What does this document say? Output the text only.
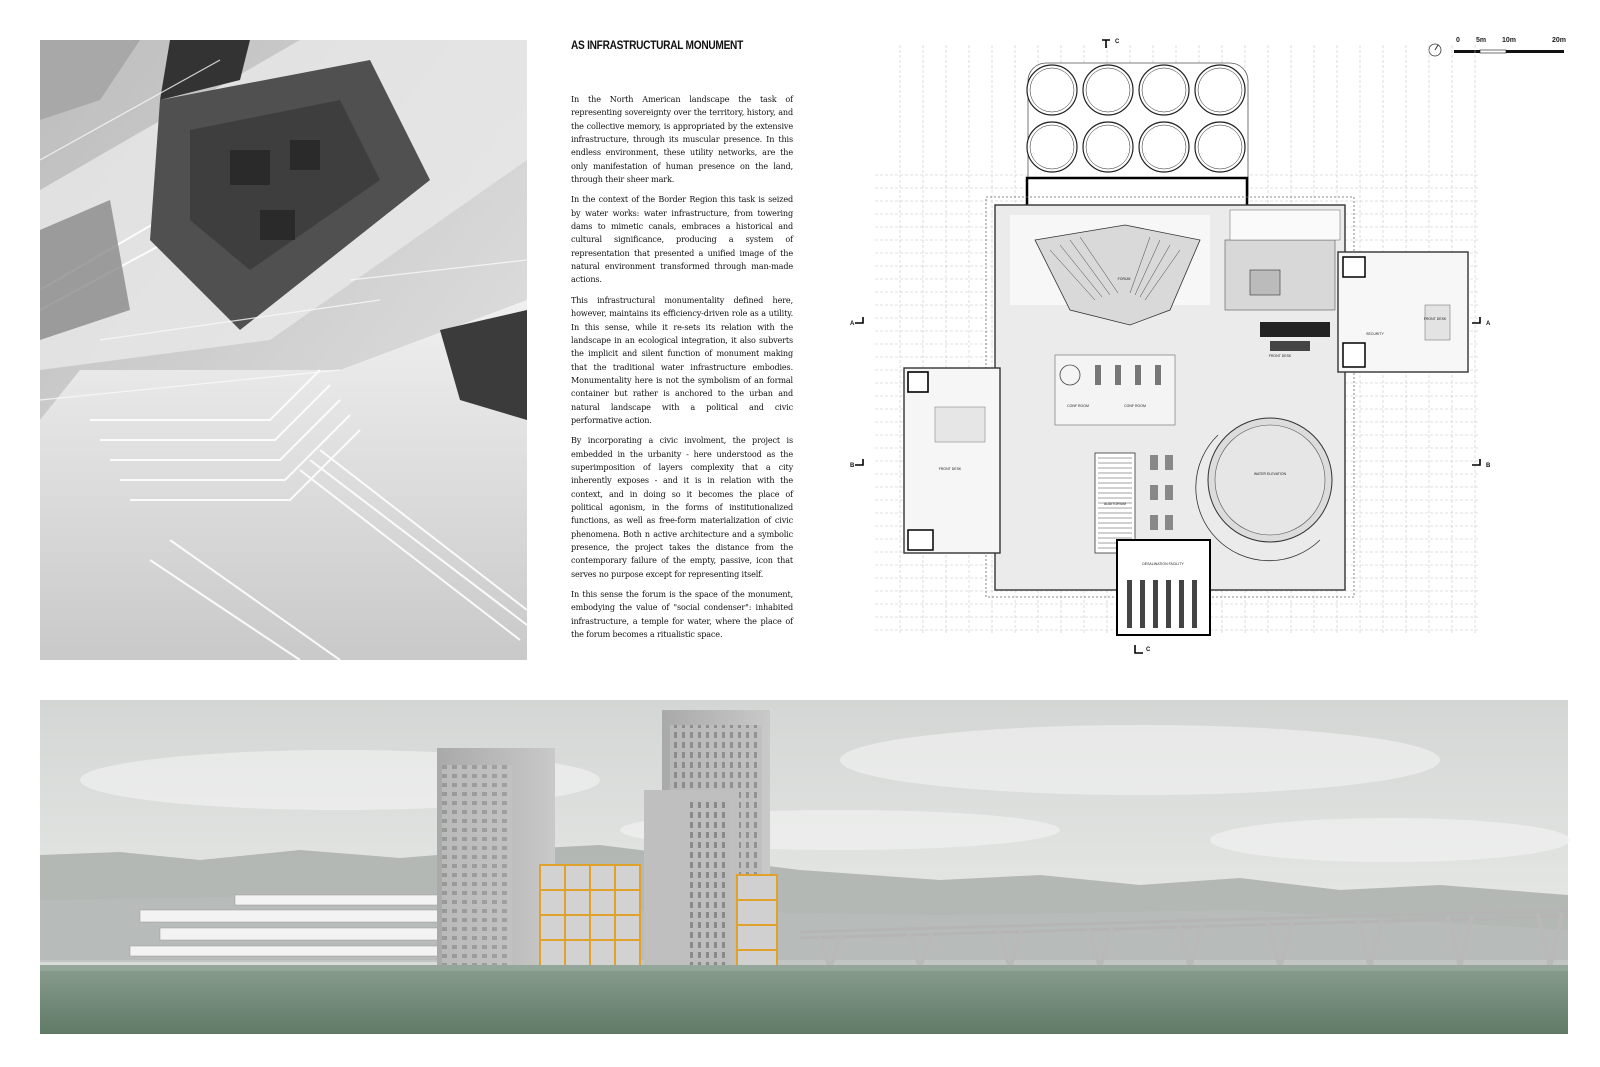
AS INFRASTRUCTURAL MONUMENT

In the North American landscape the task of representing sovereignty over the territory, history, and the collective memory, is appropriated by the extensive infrastructure, through its muscular presence. In this endless environment, these utility networks, are the only manifestation of human presence on the land, through their sheer mark.

In the context of the Border Region this task is seized by water works: water infrastructure, from towering dams to mimetic canals, embraces a historical and cultural significance, producing a system of representation that presented a unified image of the natural environment transformed through man-made actions.

This infrastructural monumentality defined here, however, maintains its efficiency-driven role as a utility. In this sense, while it re-sets its relation with the landscape in an ecological integration, it also subverts the implicit and silent function of monument making that the traditional water infrastructure embodies. Monumentality here is not the symbolism of an formal container but rather is anchored to the urban and natural landscape with a political and civic performative action.

By incorporating a civic involment, the project is embedded in the urbanity - here understood as the superimposition of layers complexity that a city inherently exposes - and it is in relation with the context, and in doing so it becomes the place of political agonism, in the forms of institutionalized functions, as well as free-form materialization of civic phenomena. Both n active architecture and a symbolic presence, the project takes the distance from the contemporary failure of the empty, passive, icon that serves no purpose except for representing itself.

In this sense the forum is the space of the monument, embodying the value of "social condenser": inhabited infrastructure, a temple for water, where the place of the forum becomes a ritualistic space.

0 5m 10m	20m
FORUM
WATER ELEVATION
FRONT DESK
CONF ROOM	CONF ROOM
AUDITORIUM
DESALINATION FACILITY
FRONT DESK
SECURITY
FRONT DESK
MAIN CONTAINERS
A	A
B	B
C
C
